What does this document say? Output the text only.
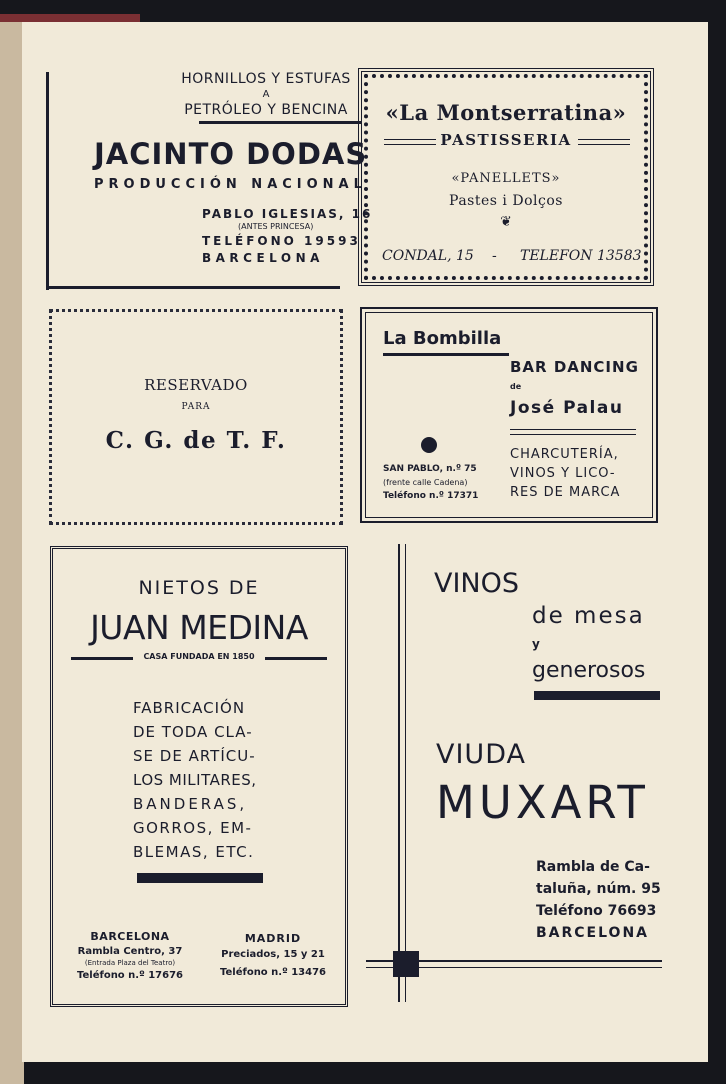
HORNILLOS Y ESTUFAS
A
PETRÓLEO Y BENCINA
JACINTO DODAS
PRODUCCIÓN NACIONAL
PABLO IGLESIAS, 16
(ANTES PRINCESA)
TELÉFONO 19593
BARCELONA
«La Montserratina»
PASTISSERIA
«PANELLETS»
Pastes i Dolços
❦
CONDAL, 15 - TELEFON 13583
RESERVADO
PARA
C. G. de T. F.
La Bombilla
BAR DANCING
de
José Palau
CHARCUTERÍA,
VINOS Y LICO-
RES DE MARCA
SAN PABLO, n.º 75
(frente calle Cadena)
Teléfono n.º 17371
NIETOS DE
JUAN MEDINA
CASA FUNDADA EN 1850
FABRICACIÓN
DE TODA CLA-
SE DE ARTÍCU-
LOS MILITARES,
BANDERAS,
GORROS, EM-
BLEMAS, ETC.
BARCELONA
Rambla Centro, 37
(Entrada Plaza del Teatro)
Teléfono n.º 17676
MADRID
Preciados, 15 y 21
Teléfono n.º 13476
VINOS
de mesa
y
generosos
VIUDA
MUXART
Rambla de Ca-
taluña, núm. 95
Teléfono 76693
BARCELONA
